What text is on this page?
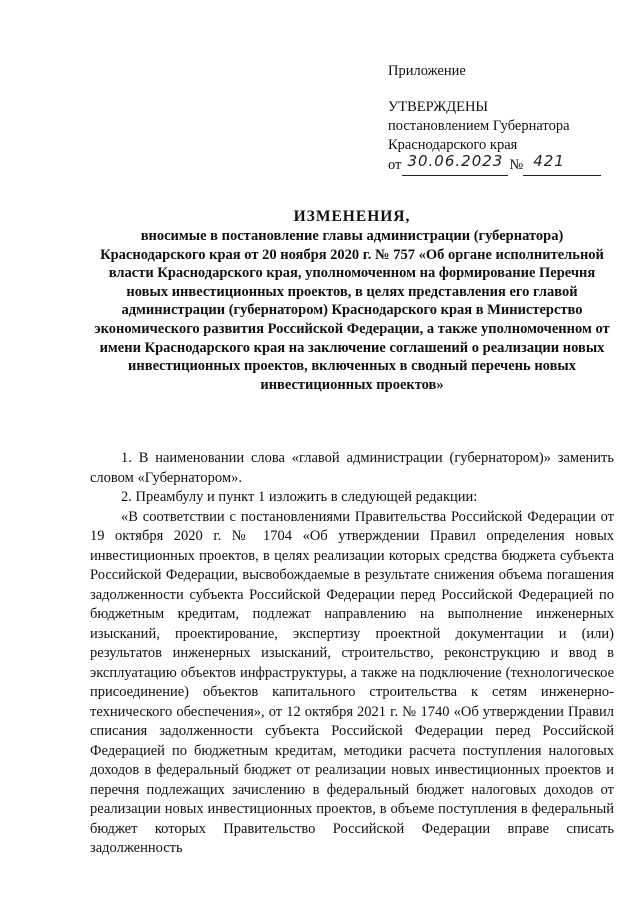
Приложение
УТВЕРЖДЕНЫ
постановлением Губернатора
Краснодарского края
от 30.06.2023 № 421
ИЗМЕНЕНИЯ,
вносимые в постановление главы администрации (губернатора) Краснодарского края от 20 ноября 2020 г. № 757 «Об органе исполнительной власти Краснодарского края, уполномоченном на формирование Перечня новых инвестиционных проектов, в целях представления его главой администрации (губернатором) Краснодарского края в Министерство экономического развития Российской Федерации, а также уполномоченном от имени Краснодарского края на заключение соглашений о реализации новых инвестиционных проектов, включенных в сводный перечень новых инвестиционных проектов»

1. В наименовании слова «главой администрации (губернатором)» заменить словом «Губернатором».

2. Преамбулу и пункт 1 изложить в следующей редакции:

«В соответствии с постановлениями Правительства Российской Федерации от 19 октября 2020 г. № 1704 «Об утверждении Правил определения новых инвестиционных проектов, в целях реализации которых средства бюджета субъекта Российской Федерации, высвобождаемые в результате снижения объема погашения задолженности субъекта Российской Федерации перед Российской Федерацией по бюджетным кредитам, подлежат направлению на выполнение инженерных изысканий, проектирование, экспертизу проектной документации и (или) результатов инженерных изысканий, строительство, реконструкцию и ввод в эксплуатацию объектов инфраструктуры, а также на подключение (технологическое присоединение) объектов капитального строительства к сетям инженерно-технического обеспечения», от 12 октября 2021 г. № 1740 «Об утверждении Правил списания задолженности субъекта Российской Федерации перед Российской Федерацией по бюджетным кредитам, методики расчета поступления налоговых доходов в федеральный бюджет от реализации новых инвестиционных проектов и перечня подлежащих зачислению в федеральный бюджет налоговых доходов от реализации новых инвестиционных проектов, в объеме поступления в федеральный бюджет которых Правительство Российской Федерации вправе списать задолженность
